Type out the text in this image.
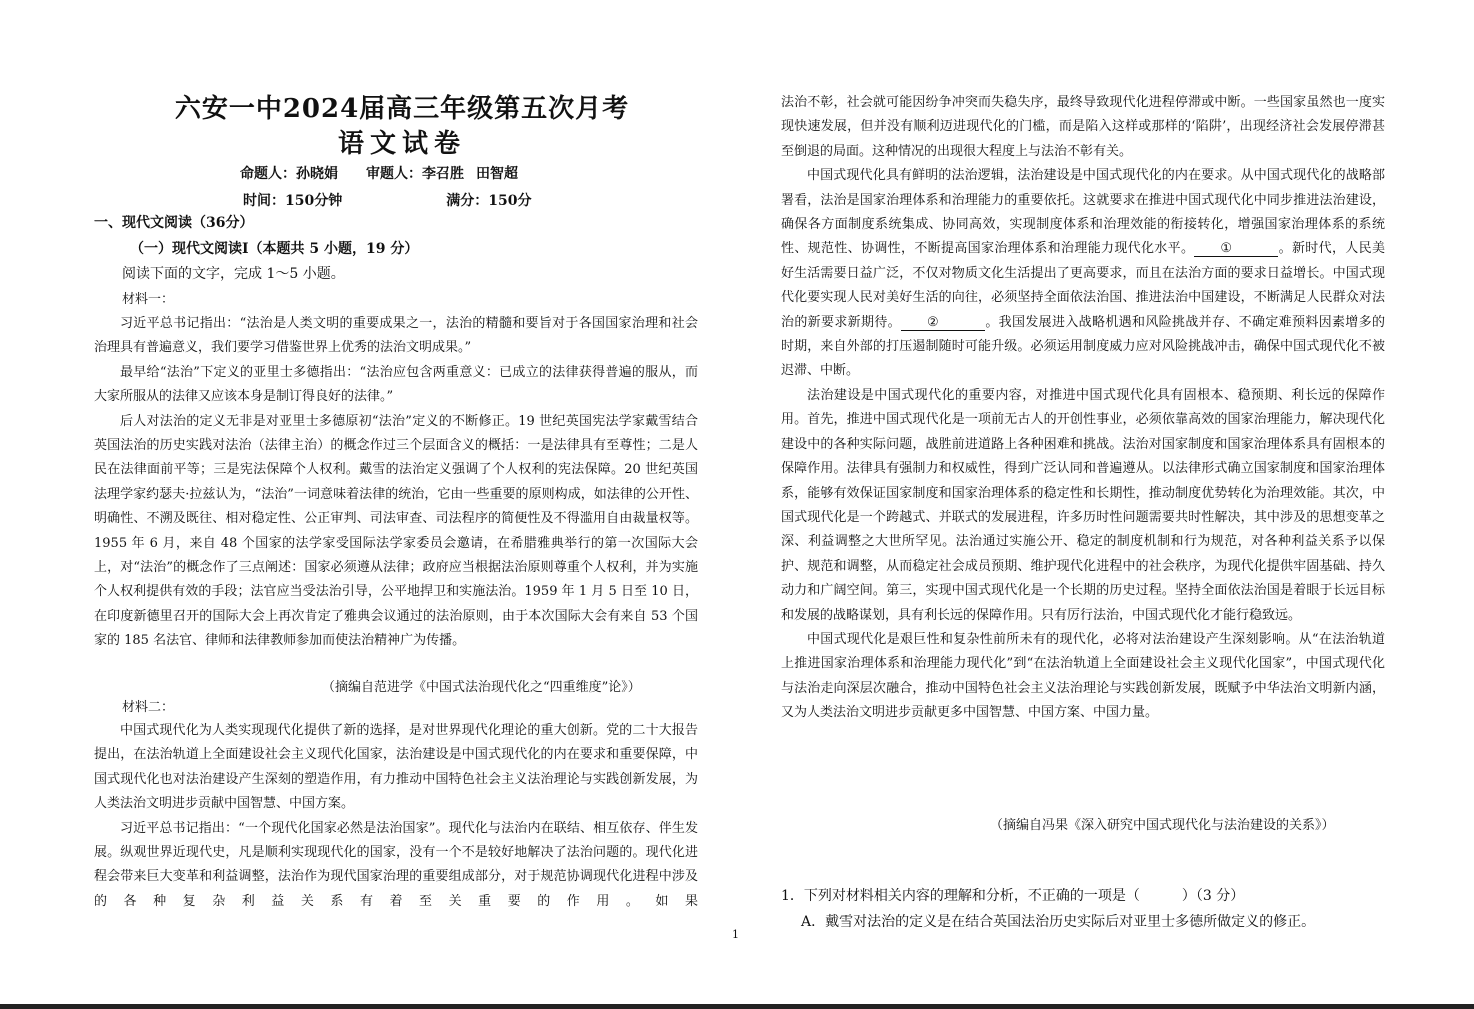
六安一中2024届高三年级第五次月考
语文试卷
命题人：孙晓娟 审题人：李召胜 田智超
时间：150分钟	满分：150分
一、现代文阅读（36分）
（一）现代文阅读Ⅰ（本题共 5 小题，19 分）
阅读下面的文字，完成 1～5 小题。
材料一：

习近平总书记指出：“法治是人类文明的重要成果之一，法治的精髓和要旨对于各国国家治理和社会治理具有普遍意义，我们要学习借鉴世界上优秀的法治文明成果。”

最早给“法治”下定义的亚里士多德指出：“法治应包含两重意义：已成立的法律获得普遍的服从，而大家所服从的法律又应该本身是制订得良好的法律。”

后人对法治的定义无非是对亚里士多德原初“法治”定义的不断修正。19 世纪英国宪法学家戴雪结合英国法治的历史实践对法治（法律主治）的概念作过三个层面含义的概括：一是法律具有至尊性；二是人民在法律面前平等；三是宪法保障个人权利。戴雪的法治定义强调了个人权利的宪法保障。20 世纪英国法理学家约瑟夫·拉兹认为，“法治”一词意味着法律的统治，它由一些重要的原则构成，如法律的公开性、明确性、不溯及既往、相对稳定性、公正审判、司法审查、司法程序的简便性及不得滥用自由裁量权等。1955 年 6 月，来自 48 个国家的法学家受国际法学家委员会邀请，在希腊雅典举行的第一次国际大会上，对“法治”的概念作了三点阐述：国家必须遵从法律；政府应当根据法治原则尊重个人权利，并为实施个人权利提供有效的手段；法官应当受法治引导，公平地捍卫和实施法治。1959 年 1 月 5 日至 10 日，在印度新德里召开的国际大会上再次肯定了雅典会议通过的法治原则，由于本次国际大会有来自 53 个国家的 185 名法官、律师和法律教师参加而使法治精神广为传播。

（摘编自范进学《中国式法治现代化之“四重维度”论》）
材料二：

中国式现代化为人类实现现代化提供了新的选择，是对世界现代化理论的重大创新。党的二十大报告提出，在法治轨道上全面建设社会主义现代化国家，法治建设是中国式现代化的内在要求和重要保障，中国式现代化也对法治建设产生深刻的塑造作用，有力推动中国特色社会主义法治理论与实践创新发展，为人类法治文明进步贡献中国智慧、中国方案。

习近平总书记指出：“一个现代化国家必然是法治国家”。现代化与法治内在联结、相互依存、伴生发展。纵观世界近现代史，凡是顺利实现现代化的国家，没有一个不是较好地解决了法治问题的。现代化进程会带来巨大变革和利益调整，法治作为现代国家治理的重要组成部分，对于规范协调现代化进程中涉及的各种复杂利益关系有着至关重要的作用。如果

法治不彰，社会就可能因纷争冲突而失稳失序，最终导致现代化进程停滞或中断。一些国家虽然也一度实现快速发展，但并没有顺利迈进现代化的门槛，而是陷入这样或那样的‘陷阱’，出现经济社会发展停滞甚至倒退的局面。这种情况的出现很大程度上与法治不彰有关。

中国式现代化具有鲜明的法治逻辑，法治建设是中国式现代化的内在要求。从中国式现代化的战略部署看，法治是国家治理体系和治理能力的重要依托。这就要求在推进中国式现代化中同步推进法治建设，确保各方面制度系统集成、协同高效，实现制度体系和治理效能的衔接转化，增强国家治理体系的系统性、规范性、协调性，不断提高国家治理体系和治理能力现代化水平。 ①	。新时代，人民美好生活需要日益广泛，不仅对物质文化生活提出了更高要求，而且在法治方面的要求日益增长。中国式现代化要实现人民对美好生活的向往，必须坚持全面依法治国、推进法治中国建设，不断满足人民群众对法治的新要求新期待。 ②	。我国发展进入战略机遇和风险挑战并存、不确定难预料因素增多的时期，来自外部的打压遏制随时可能升级。必须运用制度威力应对风险挑战冲击，确保中国式现代化不被迟滞、中断。

法治建设是中国式现代化的重要内容，对推进中国式现代化具有固根本、稳预期、利长远的保障作用。首先，推进中国式现代化是一项前无古人的开创性事业，必须依靠高效的国家治理能力，解决现代化建设中的各种实际问题，战胜前进道路上各种困难和挑战。法治对国家制度和国家治理体系具有固根本的保障作用。法律具有强制力和权威性，得到广泛认同和普遍遵从。以法律形式确立国家制度和国家治理体系，能够有效保证国家制度和国家治理体系的稳定性和长期性，推动制度优势转化为治理效能。其次，中国式现代化是一个跨越式、并联式的发展进程，许多历时性问题需要共时性解决，其中涉及的思想变革之深、利益调整之大世所罕见。法治通过实施公开、稳定的制度机制和行为规范，对各种利益关系予以保护、规范和调整，从而稳定社会成员预期、维护现代化进程中的社会秩序，为现代化提供牢固基础、持久动力和广阔空间。第三，实现中国式现代化是一个长期的历史过程。坚持全面依法治国是着眼于长远目标和发展的战略谋划，具有利长远的保障作用。只有厉行法治，中国式现代化才能行稳致远。

中国式现代化是艰巨性和复杂性前所未有的现代化，必将对法治建设产生深刻影响。从“在法治轨道上推进国家治理体系和治理能力现代化”到“在法治轨道上全面建设社会主义现代化国家”，中国式现代化与法治走向深层次融合，推动中国特色社会主义法治理论与实践创新发展，既赋予中华法治文明新内涵，又为人类法治文明进步贡献更多中国智慧、中国方案、中国力量。

（摘编自冯果《深入研究中国式现代化与法治建设的关系》）
1．下列对材料相关内容的理解和分析，不正确的一项是（　　　）（3 分）
A．戴雪对法治的定义是在结合英国法治历史实际后对亚里士多德所做定义的修正。
1
